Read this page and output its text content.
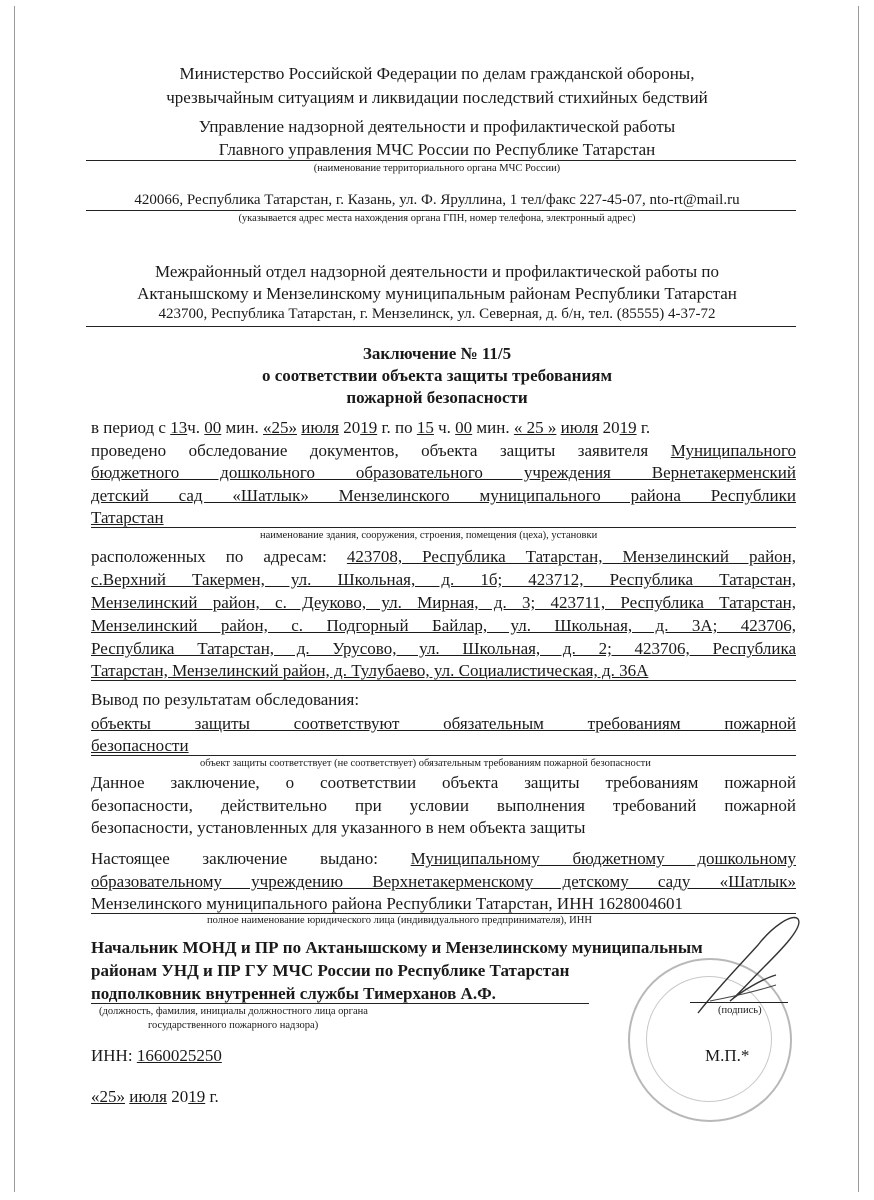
Министерство Российской Федерации по делам гражданской обороны,
чрезвычайным ситуациям и ликвидации последствий стихийных бедствий
Управление надзорной деятельности и профилактической работы
Главного управления МЧС России по Республике Татарстан
(наименование территориального органа МЧС России)
420066, Республика Татарстан, г. Казань, ул. Ф. Яруллина, 1 тел/факс 227-45-07, nto-rt@mail.ru
(указывается адрес места нахождения органа ГПН, номер телефона, электронный адрес)
Межрайонный отдел надзорной деятельности и профилактической работы по
Актанышскому и Мензелинскому муниципальным районам Республики Татарстан
423700, Республика Татарстан, г. Мензелинск, ул. Северная, д. б/н, тел. (85555) 4-37-72
Заключение № 11/5
о соответствии объекта защиты требованиям
пожарной безопасности
в период с 13ч. 00 мин. «25» июля 2019 г. по 15 ч. 00 мин. « 25 » июля 2019 г.
проведено обследование документов, объекта защиты заявителя Муниципального
бюджетного дошкольного образовательного учреждения Вернетакерменский
детский сад «Шатлык» Мензелинского муниципального района Республики
Татарстан
наименование здания, сооружения, строения, помещения (цеха), установки
расположенных по адресам: 423708, Республика Татарстан, Мензелинский район,
с.Верхний Такермен, ул. Школьная, д. 1б; 423712, Республика Татарстан,
Мензелинский район, с. Деуково, ул. Мирная, д. 3; 423711, Республика Татарстан,
Мензелинский район, с. Подгорный Байлар, ул. Школьная, д. 3А; 423706,
Республика Татарстан, д. Урусово, ул. Школьная, д. 2; 423706, Республика
Татарстан, Мензелинский район, д. Тулубаево, ул. Социалистическая, д. 36А
Вывод по результатам обследования:
объекты защиты соответствуют обязательным требованиям пожарной
безопасности
объект защиты соответствует (не соответствует) обязательным требованиям пожарной безопасности
Данное заключение, о соответствии объекта защиты требованиям пожарной
безопасности, действительно при условии выполнения требований пожарной
безопасности, установленных для указанного в нем объекта защиты
Настоящее заключение выдано: Муниципальному бюджетному дошкольному
образовательному учреждению Верхнетакерменскому детскому саду «Шатлык»
Мензелинского муниципального района Республики Татарстан, ИНН 1628004601
полное наименование юридического лица (индивидуального предпринимателя), ИНН
Начальник МОНД и ПР по Актанышскому и Мензелинскому муниципальным
районам УНД и ПР ГУ МЧС России по Республике Татарстан
подполковник внутренней службы Тимерханов А.Ф.
(должность, фамилия, инициалы должностного лица органа
государственного пожарного надзора)
(подпись)
ИНН: 1660025250	М.П.*
«25» июля 2019 г.
